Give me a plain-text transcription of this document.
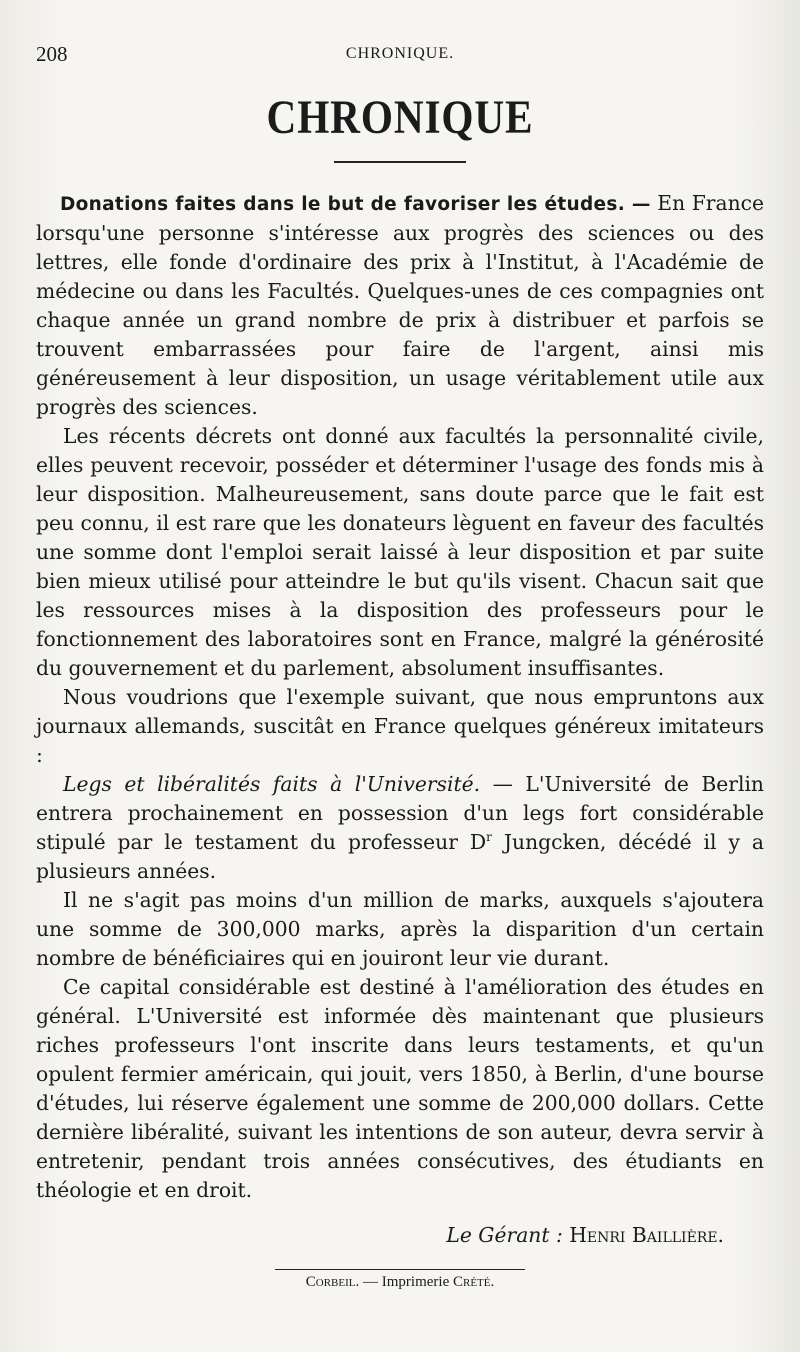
208	CHRONIQUE.
CHRONIQUE

Donations faites dans le but de favoriser les études. — En France lorsqu'une personne s'intéresse aux progrès des sciences ou des lettres, elle fonde d'ordinaire des prix à l'Institut, à l'Académie de médecine ou dans les Facultés. Quelques-unes de ces compagnies ont chaque année un grand nombre de prix à distribuer et parfois se trouvent embarrassées pour faire de l'argent, ainsi mis généreusement à leur disposition, un usage véritablement utile aux progrès des sciences.

Les récents décrets ont donné aux facultés la personnalité civile, elles peuvent recevoir, posséder et déterminer l'usage des fonds mis à leur disposition. Malheureusement, sans doute parce que le fait est peu connu, il est rare que les donateurs lèguent en faveur des facultés une somme dont l'emploi serait laissé à leur disposition et par suite bien mieux utilisé pour atteindre le but qu'ils visent. Chacun sait que les ressources mises à la disposition des professeurs pour le fonctionnement des laboratoires sont en France, malgré la générosité du gouvernement et du parlement, absolument insuffisantes.

Nous voudrions que l'exemple suivant, que nous empruntons aux journaux allemands, suscitât en France quelques généreux imitateurs :

Legs et libéralités faits à l'Université. — L'Université de Berlin entrera prochainement en possession d'un legs fort considérable stipulé par le testament du professeur $D^r$ Jungcken, décédé il y a plusieurs années.

Il ne s'agit pas moins d'un million de marks, auxquels s'ajoutera une somme de 300,000 marks, après la disparition d'un certain nombre de bénéficiaires qui en jouiront leur vie durant.

Ce capital considérable est destiné à l'amélioration des études en général. L'Université est informée dès maintenant que plusieurs riches professeurs l'ont inscrite dans leurs testaments, et qu'un opulent fermier américain, qui jouit, vers 1850, à Berlin, d'une bourse d'études, lui réserve également une somme de 200,000 dollars. Cette dernière libéralité, suivant les intentions de son auteur, devra servir à entretenir, pendant trois années consécutives, des étudiants en théologie et en droit.

Le Gérant : Henri Baillière.
Corbeil. — Imprimerie Crété.
